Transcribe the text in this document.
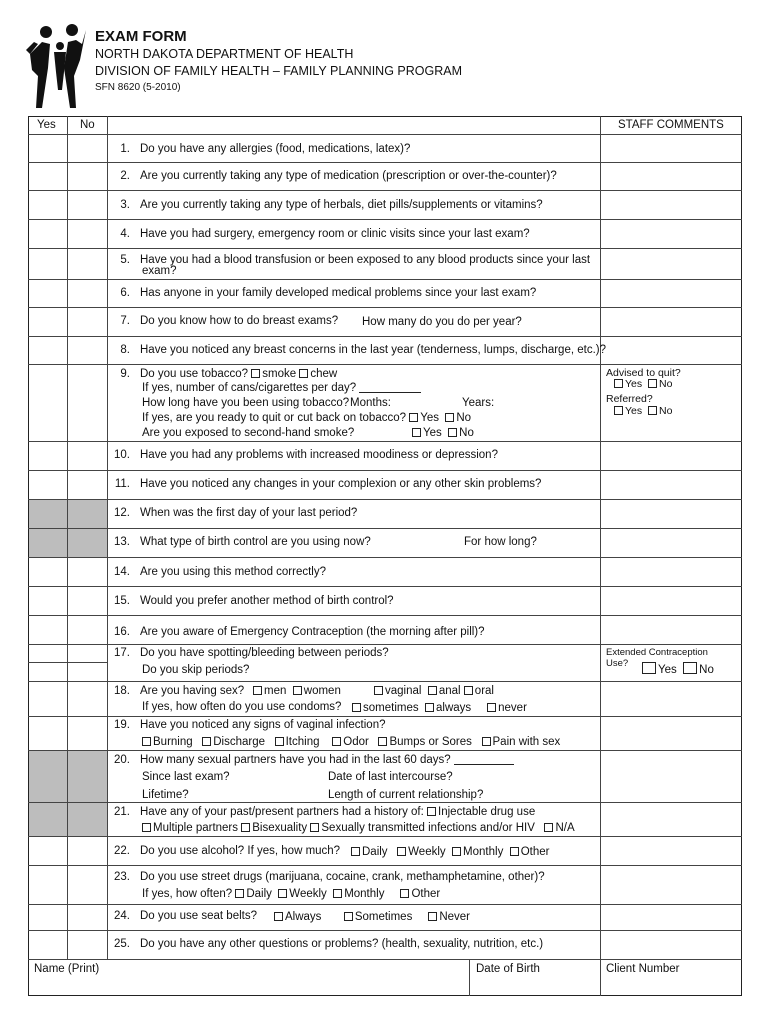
EXAM FORM
NORTH DAKOTA DEPARTMENT OF HEALTH
DIVISION OF FAMILY HEALTH – FAMILY PLANNING PROGRAM
SFN 8620 (5-2010)
Yes No	STAFF COMMENTS
1. Do you have any allergies (food, medications, latex)?
2. Are you currently taking any type of medication (prescription or over-the-counter)?
3. Are you currently taking any type of herbals, diet pills/supplements or vitamins?
4. Have you had surgery, emergency room or clinic visits since your last exam?
5. Have you had a blood transfusion or been exposed to any blood products since your last
exam?
6. Has anyone in your family developed medical problems since your last exam?
7. Do you know how to do breast exams? How many do you do per year?
8. Have you noticed any breast concerns in the last year (tenderness, lumps, discharge, etc.)?
9. Do you use tobacco? smoke chew
If yes, number of cans/cigarettes per day?
How long have you been using tobacco? Months:	Years:
If yes, are you ready to quit or cut back on tobacco? Yes No
Are you exposed to second-hand smoke?	Yes No
Advised to quit?
Yes No
Referred?
Yes No
10. Have you had any problems with increased moodiness or depression?
11. Have you noticed any changes in your complexion or any other skin problems?
12. When was the first day of your last period?
13. What type of birth control are you using now?	For how long?
14. Are you using this method correctly?
15. Would you prefer another method of birth control?
16. Are you aware of Emergency Contraception (the morning after pill)?
17. Do you have spotting/bleeding between periods?
Do you skip periods?
Extended Contraception
Use?
Yes No
18. Are you having sex?	men women	vaginal anal oral
If yes, how often do you use condoms?	sometimes always never
19. Have you noticed any signs of vaginal infection?
Burning Discharge Itching Odor Bumps or Sores Pain with sex
20. How many sexual partners have you had in the last 60 days?
Since last exam?	Date of last intercourse?
Lifetime?	Length of current relationship?
21. Have any of your past/present partners had a history of: Injectable drug use
Multiple partners Bisexuality Sexually transmitted infections and/or HIV N/A
22. Do you use alcohol? If yes, how much?	Daily Weekly Monthly Other
23. Do you use street drugs (marijuana, cocaine, crank, methamphetamine, other)?
If yes, how often? Daily Weekly Monthly Other
24. Do you use seat belts?	Always	Sometimes Never
25. Do you have any other questions or problems? (health, sexuality, nutrition, etc.)
Name (Print)	Date of Birth	Client Number
